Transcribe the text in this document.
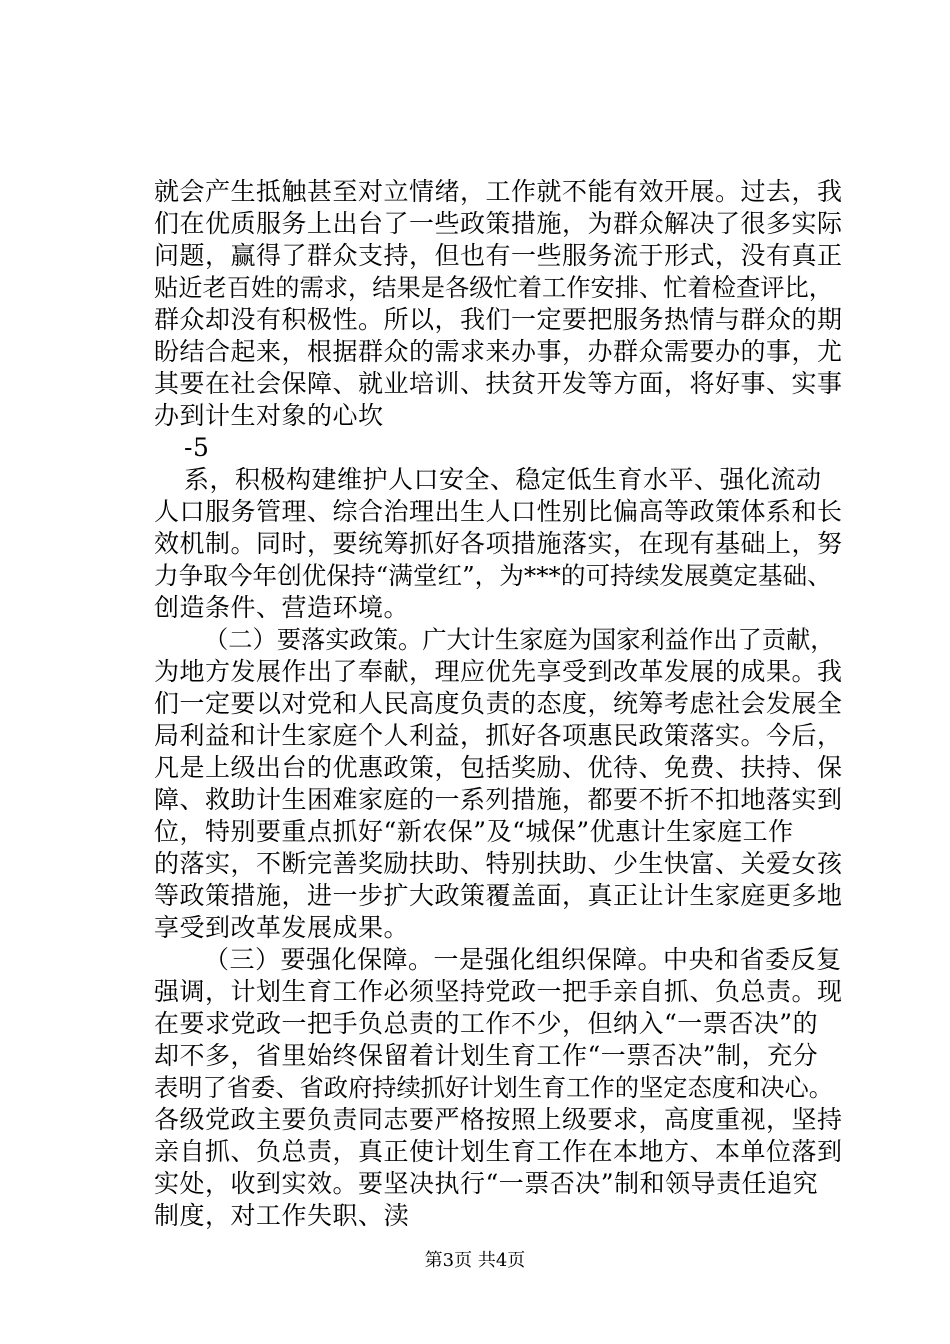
就会产生抵触甚至对立情绪，工作就不能有效开展。过去，我
们在优质服务上出台了一些政策措施，为群众解决了很多实际
问题，赢得了群众支持，但也有一些服务流于形式，没有真正
贴近老百姓的需求，结果是各级忙着工作安排、忙着检查评比，
群众却没有积极性。所以，我们一定要把服务热情与群众的期
盼结合起来，根据群众的需求来办事，办群众需要办的事，尤
其要在社会保障、就业培训、扶贫开发等方面，将好事、实事
办到计生对象的心坎
-5
系，积极构建维护人口安全、稳定低生育水平、强化流动
人口服务管理、综合治理出生人口性别比偏高等政策体系和长
效机制。同时，要统筹抓好各项措施落实，在现有基础上，努
力争取今年创优保持“满堂红”，为***的可持续发展奠定基础、
创造条件、营造环境。
（二）要落实政策。广大计生家庭为国家利益作出了贡献，
为地方发展作出了奉献，理应优先享受到改革发展的成果。我
们一定要以对党和人民高度负责的态度，统筹考虑社会发展全
局利益和计生家庭个人利益，抓好各项惠民政策落实。今后，
凡是上级出台的优惠政策，包括奖励、优待、免费、扶持、保
障、救助计生困难家庭的一系列措施，都要不折不扣地落实到
位，特别要重点抓好“新农保”及“城保”优惠计生家庭工作
的落实，不断完善奖励扶助、特别扶助、少生快富、关爱女孩
等政策措施，进一步扩大政策覆盖面，真正让计生家庭更多地
享受到改革发展成果。
（三）要强化保障。一是强化组织保障。中央和省委反复
强调，计划生育工作必须坚持党政一把手亲自抓、负总责。现
在要求党政一把手负总责的工作不少，但纳入“一票否决”的
却不多，省里始终保留着计划生育工作“一票否决”制，充分
表明了省委、省政府持续抓好计划生育工作的坚定态度和决心。
各级党政主要负责同志要严格按照上级要求，高度重视，坚持
亲自抓、负总责，真正使计划生育工作在本地方、本单位落到
实处，收到实效。要坚决执行“一票否决”制和领导责任追究
制度，对工作失职、渎
第3页 共4页
